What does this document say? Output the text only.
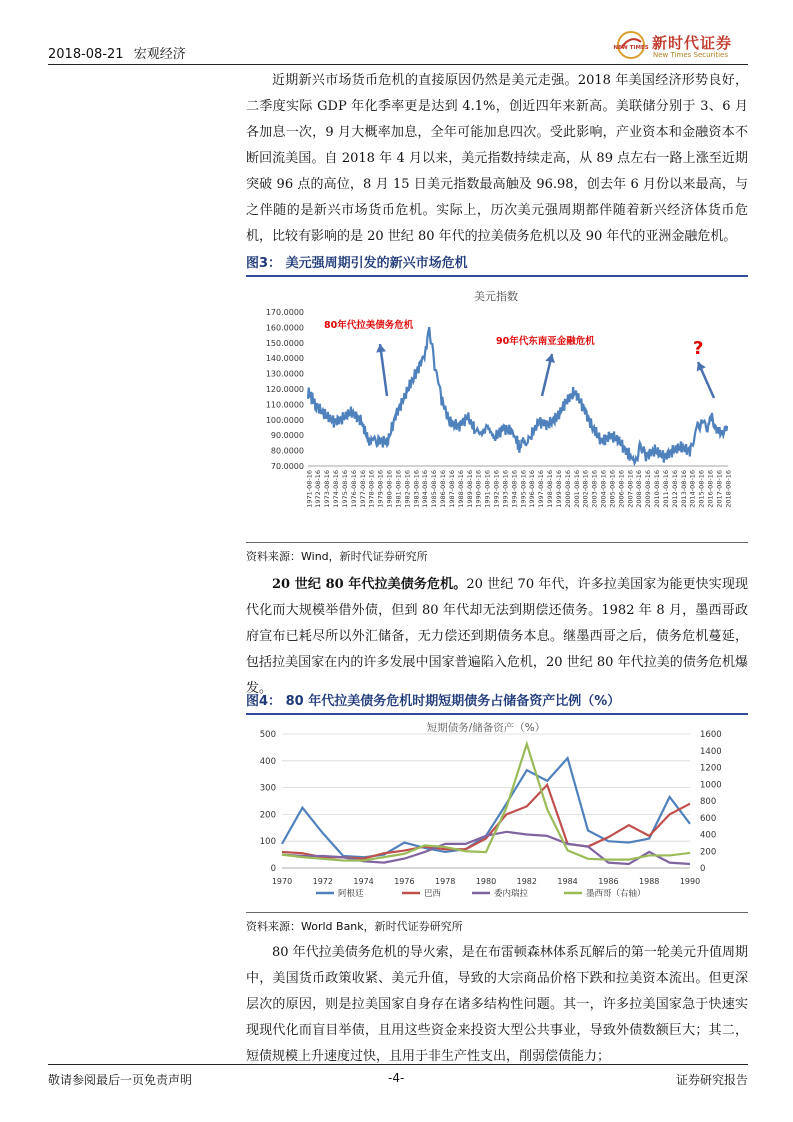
2018-08-21 宏观经济	NEW TIMES 新时代证券
New Times Securities
近期新兴市场货币危机的直接原因仍然是美元走强。2018 年美国经济形势良好，二季度实际 GDP 年化季率更是达到 4.1%，创近四年来新高。美联储分别于 3、6 月各加息一次，9 月大概率加息，全年可能加息四次。受此影响，产业资本和金融资本不断回流美国。自 2018 年 4 月以来，美元指数持续走高，从 89 点左右一路上涨至近期突破 96 点的高位，8 月 15 日美元指数最高触及 96.98，创去年 6 月份以来最高，与之伴随的是新兴市场货币危机。实际上，历次美元强周期都伴随着新兴经济体货币危机，比较有影响的是 20 世纪 80 年代的拉美债务危机以及 90 年代的亚洲金融危机。
图3： 美元强周期引发的新兴市场危机
美元指数
170.0000
160.0000
150.0000
140.0000
130.0000
120.0000
110.0000
100.0000
90.0000
80.0000
70.0000
1971-08-16 1972-08-16 1973-08-16 1974-08-16 1975-08-16 1976-08-16 1977-08-16 1978-08-16 1979-08-16 1980-08-16 1981-08-16 1982-08-16 1983-08-16 1984-08-16 1985-08-16 1986-08-16 1987-08-16 1988-08-16 1989-08-16 1990-08-16 1991-08-16 1992-08-16 1993-08-16 1994-08-16 1995-08-16 1996-08-16 1997-08-16 1998-08-16 1999-08-16 2000-08-16 2001-08-16 2002-08-16 2003-08-16 2004-08-16 2005-08-16 2006-08-16 2007-08-16 2008-08-16 2009-08-16 2010-08-16 2011-08-16 2012-08-16 2013-08-16 2014-08-16 2015-08-16 2016-08-16 2017-08-16 2018-08-16
80年代拉美债务危机
90年代东南亚金融危机	?
资料来源：Wind，新时代证券研究所
20 世纪 80 年代拉美债务危机。20 世纪 70 年代，许多拉美国家为能更快实现现代化而大规模举借外债，但到 80 年代却无法到期偿还债务。1982 年 8 月，墨西哥政府宣布已耗尽所以外汇储备，无力偿还到期债务本息。继墨西哥之后，债务危机蔓延，包括拉美国家在内的许多发展中国家普遍陷入危机，20 世纪 80 年代拉美的债务危机爆发。
图4： 80 年代拉美债务危机时期短期债务占储备资产比例（%）
短期债务/储备资产（%）
500
400
300
200
100
0
1600
1400
1200
1000
800
600
400
200
0
1970	1972	1974	1976	1978	1980	1982	1984	1986	1988	1990
阿根廷	巴西	委内瑞拉	墨西哥（右轴）
资料来源：World Bank，新时代证券研究所
80 年代拉美债务危机的导火索，是在布雷顿森林体系瓦解后的第一轮美元升值周期中，美国货币政策收紧、美元升值，导致的大宗商品价格下跌和拉美资本流出。但更深层次的原因，则是拉美国家自身存在诸多结构性问题。其一，许多拉美国家急于快速实现现代化而盲目举债，且用这些资金来投资大型公共事业，导致外债数额巨大；其二，短债规模上升速度过快，且用于非生产性支出，削弱偿债能力；
敬请参阅最后一页免责声明	-4-	证券研究报告
